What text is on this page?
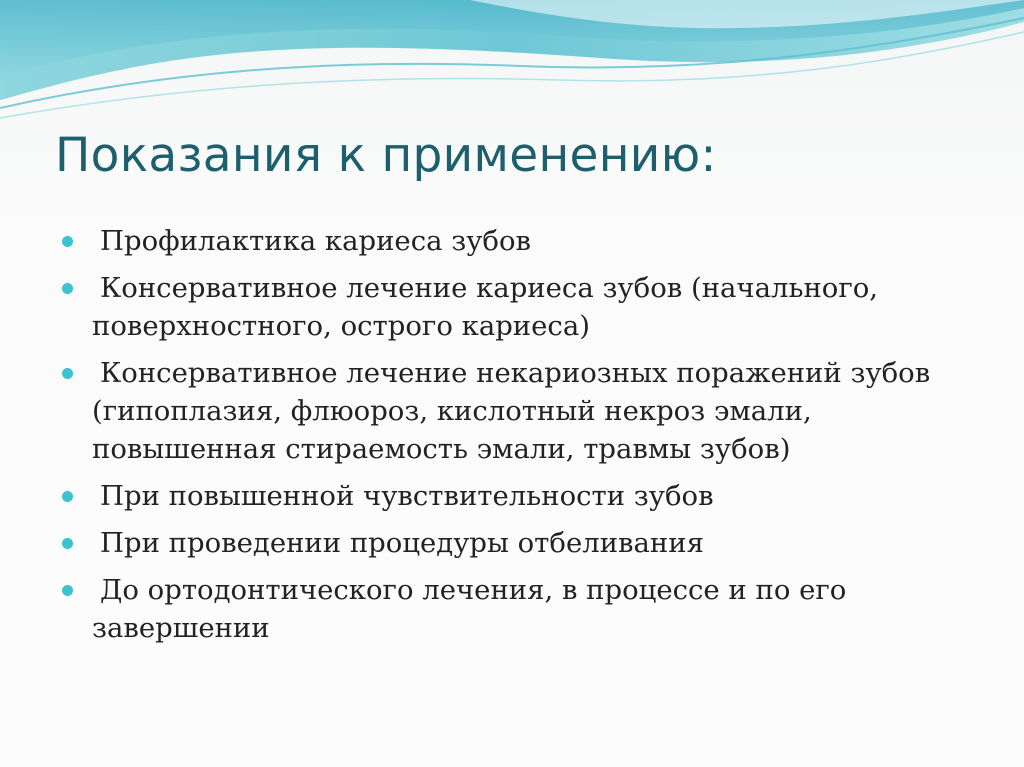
Показания к применению:
Профилактика кариеса зубов
Консервативное лечение кариеса зубов (начального, поверхностного, острого кариеса)
Консервативное лечение некариозных поражений зубов (гипоплазия, флюороз, кислотный некроз эмали, повышенная стираемость эмали, травмы зубов)
При повышенной чувствительности зубов
При проведении процедуры отбеливания
До ортодонтического лечения, в процессе и по его завершении
